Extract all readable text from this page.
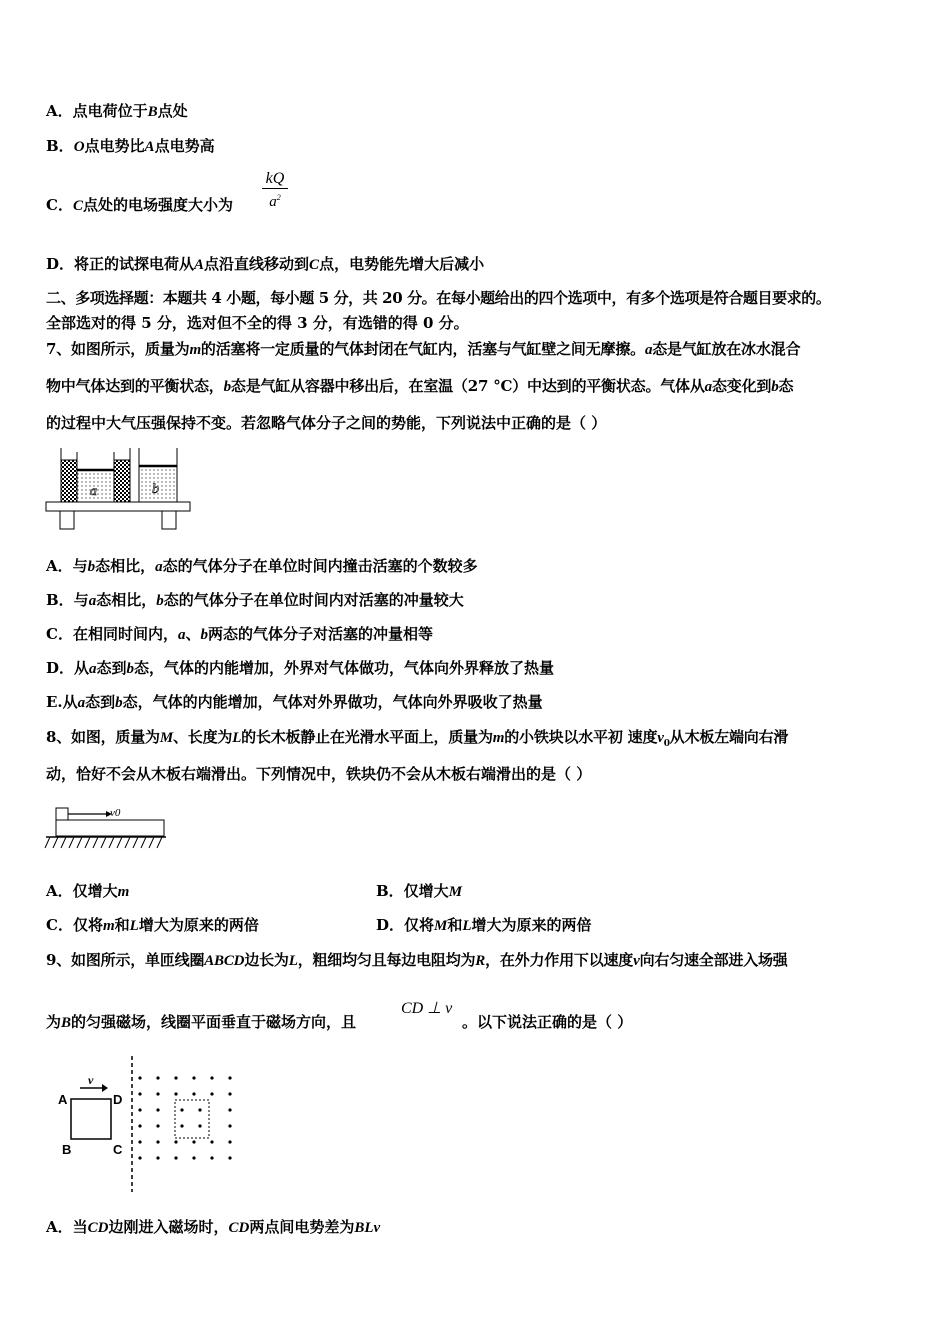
A．点电荷位于B点处
B．O点电势比A点电势高
C．C点处的电场强度大小为 $\frac{kQ}{a^2}$
D．将正的试探电荷从A点沿直线移动到C点，电势能先增大后减小
二、多项选择题：本题共 4 小题，每小题 5 分，共 20 分。在每小题给出的四个选项中，有多个选项是符合题目要求的。
全部选对的得 5 分，选对但不全的得 3 分，有选错的得 0 分。
7、如图所示，质量为m的活塞将一定质量的气体封闭在气缸内，活塞与气缸壁之间无摩擦。a态是气缸放在冰水混合
物中气体达到的平衡状态，b态是气缸从容器中移出后，在室温（27 °C）中达到的平衡状态。气体从a态变化到b态
的过程中大气压强保持不变。若忽略气体分子之间的势能，下列说法中正确的是（ ）
a	b
A．与b态相比，a态的气体分子在单位时间内撞击活塞的个数较多
B．与a态相比，b态的气体分子在单位时间内对活塞的冲量较大
C．在相同时间内，a、b两态的气体分子对活塞的冲量相等
D．从a态到b态，气体的内能增加，外界对气体做功，气体向外界释放了热量
E.从a态到b态，气体的内能增加，气体对外界做功，气体向外界吸收了热量
8、如图，质量为M、长度为L的长木板静止在光滑水平面上，质量为m的小铁块以水平初 速度$v_0$从木板左端向右滑
动，恰好不会从木板右端滑出。下列情况中，铁块仍不会从木板右端滑出的是（ ）
v0
A．仅增大m	B．仅增大M
C．仅将m和L增大为原来的两倍	D．仅将M和L增大为原来的两倍
9、如图所示，单匝线圈ABCD边长为L，粗细均匀且每边电阻均为R，在外力作用下以速度v向右匀速全部进入场强
为B的匀强磁场，线圈平面垂直于磁场方向，且
CD ⊥ v
。以下说法正确的是（ ）
A
B	C
D
v
A．当CD边刚进入磁场时，CD两点间电势差为BLv
